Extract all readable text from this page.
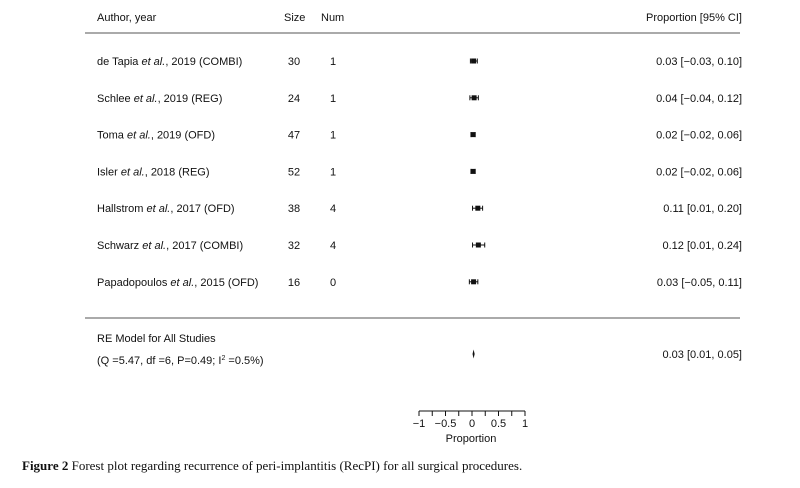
Author, year	Size Num	Proportion [95% CI]
de Tapia et al., 2019 (COMBI)	30	1	0.03 [−0.03, 0.10]
Schlee et al., 2019 (REG)	24	1	0.04 [−0.04, 0.12]
Toma et al., 2019 (OFD)	47	1	0.02 [−0.02, 0.06]
Isler et al., 2018 (REG)	52	1	0.02 [−0.02, 0.06]
Hallstrom et al., 2017 (OFD)	38	4	0.11 [0.01, 0.20]
Schwarz et al., 2017 (COMBI)	32	4	0.12 [0.01, 0.24]
Papadopoulos et al., 2015 (OFD)	16	0	0.03 [−0.05, 0.11]
RE Model for All Studies
(Q =5.47, df =6, P=0.49; $I^2 =0.5\%$)	0.03 [0.01, 0.05]
−1 −0.5 0 0.5 1
Proportion
Figure 2 Forest plot regarding recurrence of peri-implantitis (RecPI) for all surgical procedures.
